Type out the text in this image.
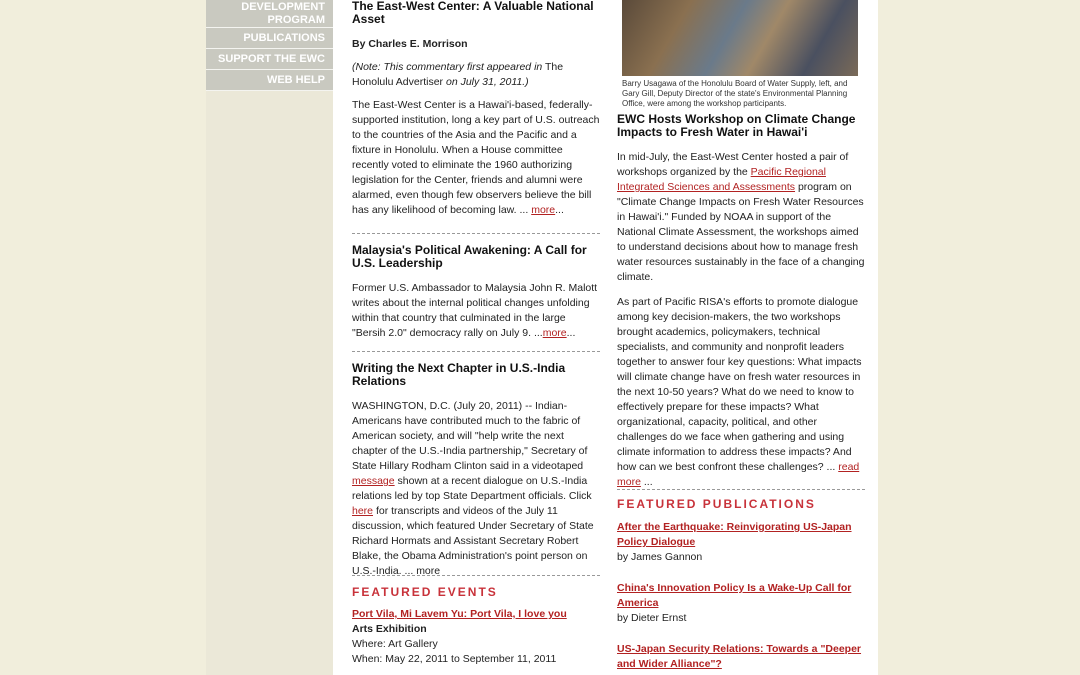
DEVELOPMENT
PROGRAM
PUBLICATIONS
SUPPORT THE EWC
WEB HELP
The East-West Center: A Valuable National Asset

By Charles E. Morrison

(Note: This commentary first appeared in The Honolulu Advertiser on July 31, 2011.)

The East-West Center is a Hawai'i-based, federally-supported institution, long a key part of U.S. outreach to the countries of the Asia and the Pacific and a fixture in Honolulu. When a House committee recently voted to eliminate the 1960 authorizing legislation for the Center, friends and alumni were alarmed, even though few observers believe the bill has any likelihood of becoming law. ... more...

Malaysia's Political Awakening: A Call for U.S. Leadership

Former U.S. Ambassador to Malaysia John R. Malott writes about the internal political changes unfolding within that country that culminated in the large "Bersih 2.0" democracy rally on July 9. ...more...

Writing the Next Chapter in U.S.-India Relations

WASHINGTON, D.C. (July 20, 2011) -- Indian-Americans have contributed much to the fabric of American society, and will "help write the next chapter of the U.S.-India partnership," Secretary of State Hillary Rodham Clinton said in a videotaped message shown at a recent dialogue on U.S.-India relations led by top State Department officials. Click here for transcripts and videos of the July 11 discussion, which featured Under Secretary of State Richard Hormats and Assistant Secretary Robert Blake, the Obama Administration's point person on U.S.-India. ... more

FEATURED EVENTS
Port Vila, Mi Lavem Yu: Port Vila, I love you

Arts Exhibition

Where: Art Gallery

When: May 22, 2011 to September 11, 2011

Barry Usagawa of the Honolulu Board of Water Supply, left, and Gary Gill, Deputy Director of the state's Environmental Planning Office, were among the workshop participants.

EWC Hosts Workshop on Climate Change Impacts to Fresh Water in Hawai'i

In mid-July, the East-West Center hosted a pair of workshops organized by the Pacific Regional Integrated Sciences and Assessments program on "Climate Change Impacts on Fresh Water Resources in Hawai'i." Funded by NOAA in support of the National Climate Assessment, the workshops aimed to understand decisions about how to manage fresh water resources sustainably in the face of a changing climate.

As part of Pacific RISA's efforts to promote dialogue among key decision-makers, the two workshops brought academics, policymakers, technical specialists, and community and nonprofit leaders together to answer four key questions: What impacts will climate change have on fresh water resources in the next 10-50 years? What do we need to know to effectively prepare for these impacts? What organizational, capacity, political, and other challenges do we face when gathering and using climate information to address these impacts? And how can we best confront these challenges? ... read more ...

FEATURED PUBLICATIONS
After the Earthquake: Reinvigorating US-Japan Policy Dialogue

by James Gannon

China's Innovation Policy Is a Wake-Up Call for America

by Dieter Ernst

US-Japan Security Relations: Towards a "Deeper and Wider Alliance"?
